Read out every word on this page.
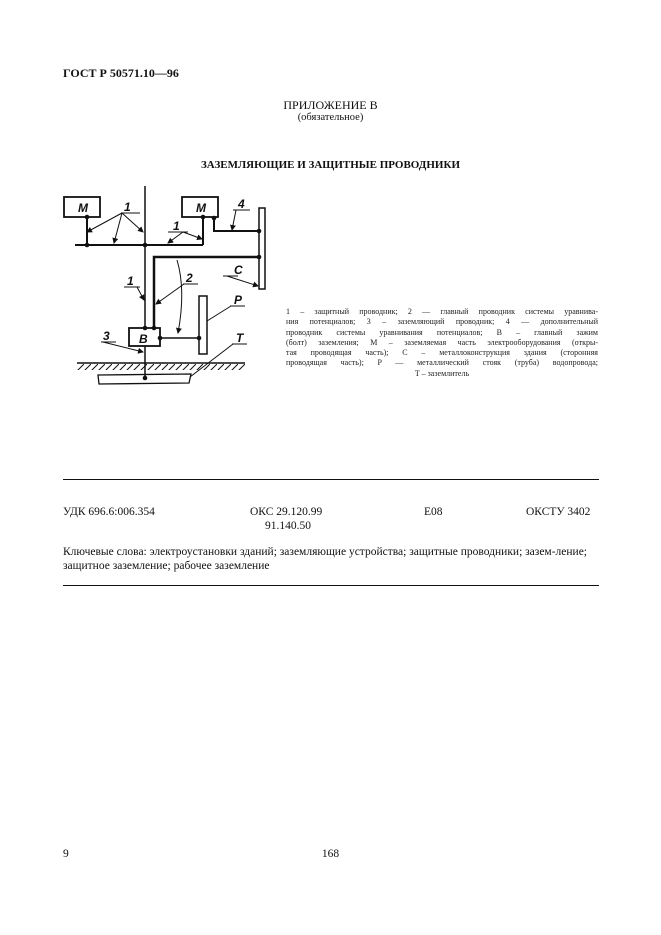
ГОСТ Р 50571.10—96
ПРИЛОЖЕНИЕ В
(обязательное)
ЗАЗЕМЛЯЮЩИЕ И ЗАЩИТНЫЕ ПРОВОДНИКИ
M	M
B
1
1
1	2
3
4
C
P
T
1 – защитный проводник; 2 — главный проводник системы уравнива-
ния потенциалов; 3 – заземляющий проводник; 4 — дополнительный
проводник системы уравнивания потенциалов; B – главный зажим
(болт) заземления; M – заземляемая часть электрооборудования (откры-
тая проводящая часть); C – металлоконструкция здания (сторонняя
проводящая часть); P — металлический стояк (труба) водопровода;
T – заземлитель
УДК 696.6:006.354	ОКС 29.120.99
91.140.50
Е08	ОКСТУ 3402
Ключевые слова: электроустановки зданий; заземляющие устройства; защитные проводники; зазем-ление; защитное заземление; рабочее заземление
9	168
